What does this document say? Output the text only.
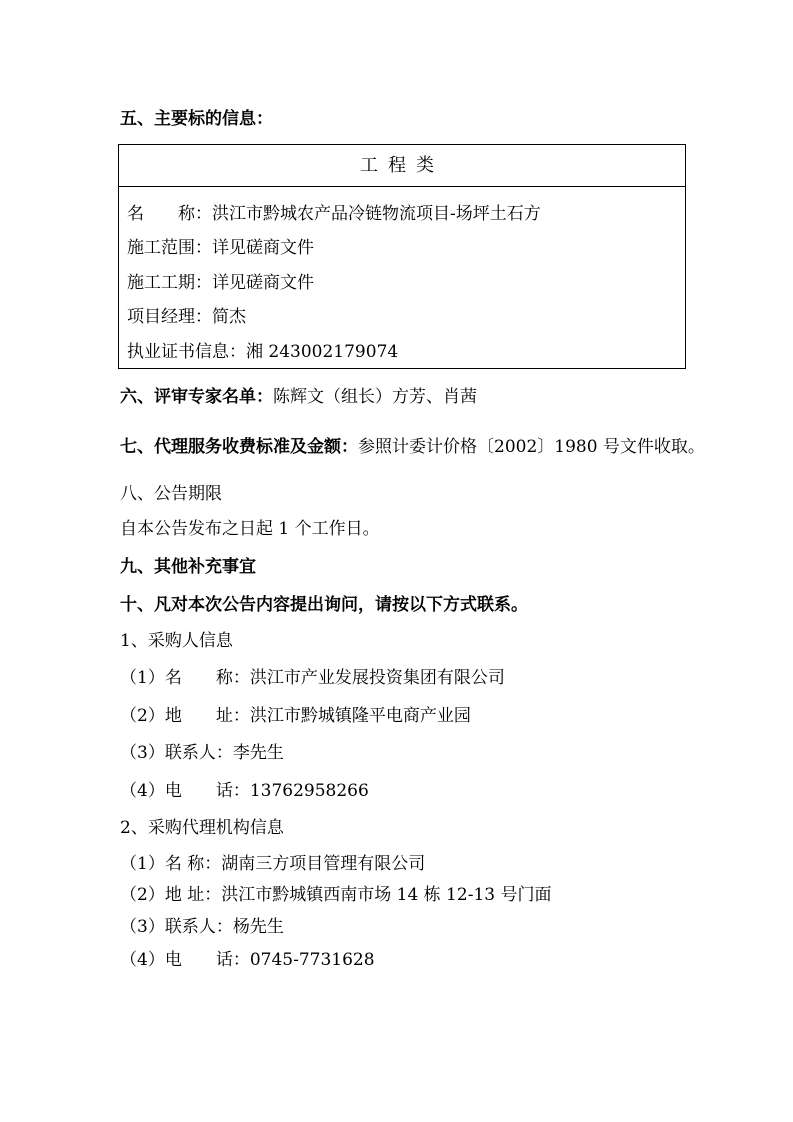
五、主要标的信息：
工程类
名　　称：洪江市黔城农产品冷链物流项目-场坪土石方
施工范围：详见磋商文件
施工工期：详见磋商文件
项目经理：简杰
执业证书信息：湘 243002179074
六、评审专家名单：陈辉文（组长）方芳、肖茜
七、代理服务收费标准及金额：参照计委计价格〔2002〕1980 号文件收取。
八、公告期限
自本公告发布之日起 1 个工作日。
九、其他补充事宜
十、凡对本次公告内容提出询问，请按以下方式联系。
1、采购人信息
（1）名　　称：洪江市产业发展投资集团有限公司
（2）地　　址：洪江市黔城镇隆平电商产业园
（3）联系人：李先生
（4）电　　话：13762958266
2、采购代理机构信息
（1）名 称：湖南三方项目管理有限公司
（2）地 址：洪江市黔城镇西南市场 14 栋 12-13 号门面
（3）联系人：杨先生
（4）电　　话：0745-7731628
